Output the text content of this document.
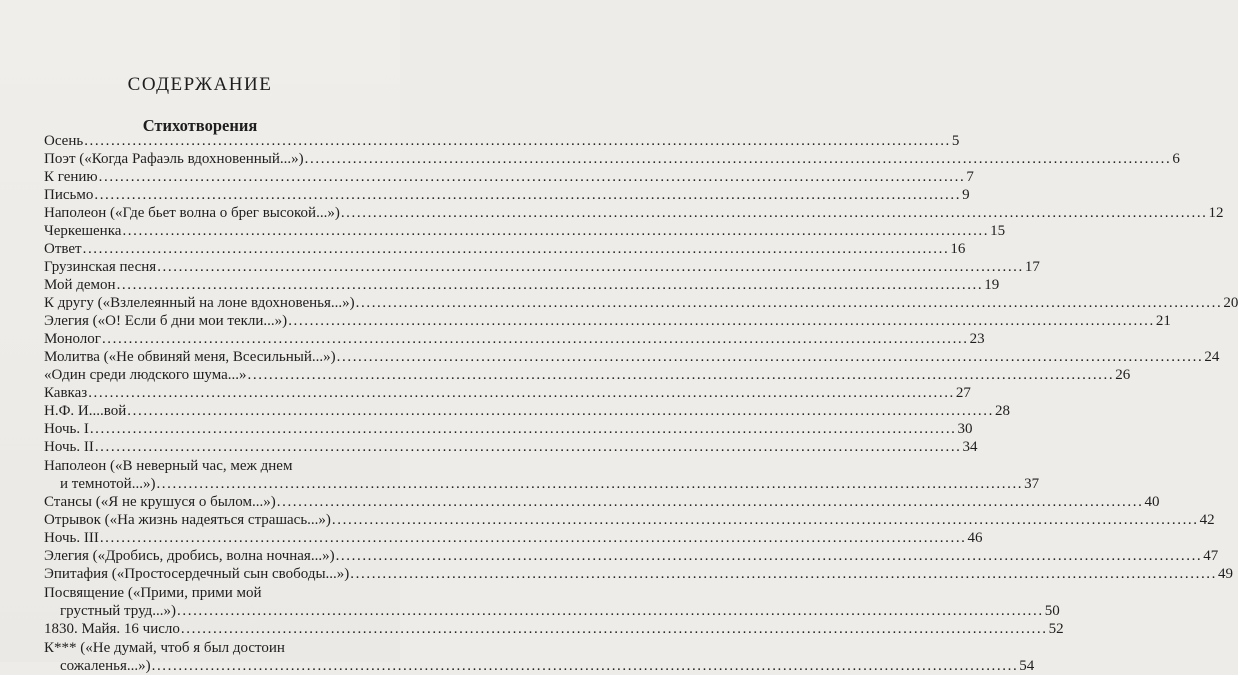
СОДЕРЖАНИЕ
Стихотворения
Осень .....	5
Поэт («Когда Рафаэль вдохновенный...») .....	6
К гению .....	7
Письмо .....	9
Наполеон («Где бьет волна о брег высокой...») .....	12
Черкешенка .....	15
Ответ .....	16
Грузинская песня .....	17
Мой демон .....	19
К другу («Взлелеянный на лоне вдохновенья...») .....	20
Элегия («О! Если б дни мои текли...») .....	21
Монолог .....	23
Молитва («Не обвиняй меня, Всесильный...») .....	24
«Один среди людского шума...» .....	26
Кавказ .....	27
Н.Ф. И....вой .....	28
Ночь. I .....	30
Ночь. II .....	34
Наполеон («В неверный час, меж днем
и темнотой...») .....	37
Стансы («Я не крушуся о былом...») .....	40
Отрывок («На жизнь надеяться страшась...») .....	42
Ночь. III .....	46
Элегия («Дробись, дробись, волна ночная...») .....	47
Эпитафия («Простосердечный сын свободы...») .....	49
Посвящение («Прими, прими мой
грустный труд...») .....	50
1830. Майя. 16 число .....	52
К*** («Не думай, чтоб я был достоин
сожаленья...») .....	54
